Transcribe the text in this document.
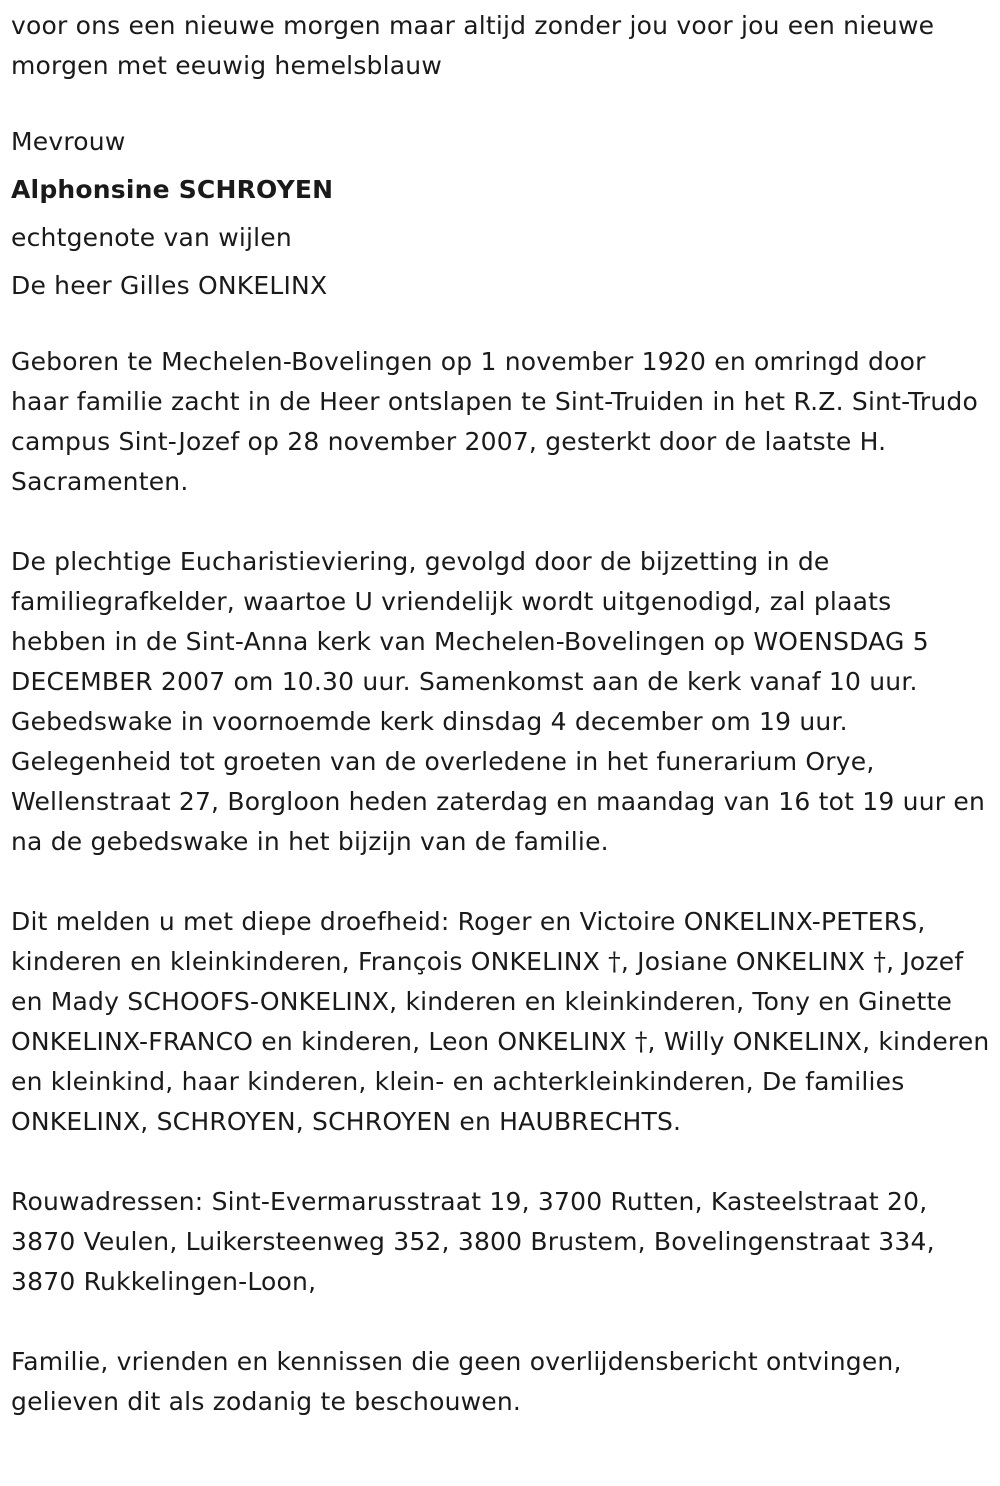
voor ons een nieuwe morgen maar altijd zonder jou voor jou een nieuwe morgen met eeuwig hemelsblauw

Mevrouw

Alphonsine SCHROYEN

echtgenote van wijlen

De heer Gilles ONKELINX

Geboren te Mechelen-Bovelingen op 1 november 1920 en omringd door haar familie zacht in de Heer ontslapen te Sint-Truiden in het R.Z. Sint-Trudo campus Sint-Jozef op 28 november 2007, gesterkt door de laatste H. Sacramenten.

De plechtige Eucharistieviering, gevolgd door de bijzetting in de familiegrafkelder, waartoe U vriendelijk wordt uitgenodigd, zal plaats hebben in de Sint-Anna kerk van Mechelen-Bovelingen op WOENSDAG 5 DECEMBER 2007 om 10.30 uur. Samenkomst aan de kerk vanaf 10 uur. Gebedswake in voornoemde kerk dinsdag 4 december om 19 uur. Gelegenheid tot groeten van de overledene in het funerarium Orye, Wellenstraat 27, Borgloon heden zaterdag en maandag van 16 tot 19 uur en na de gebedswake in het bijzijn van de familie.

Dit melden u met diepe droefheid: Roger en Victoire ONKELINX-PETERS, kinderen en kleinkinderen, François ONKELINX †, Josiane ONKELINX †, Jozef en Mady SCHOOFS-ONKELINX, kinderen en kleinkinderen, Tony en Ginette ONKELINX-FRANCO en kinderen, Leon ONKELINX †, Willy ONKELINX, kinderen en kleinkind, haar kinderen, klein- en achterkleinkinderen, De families ONKELINX, SCHROYEN, SCHROYEN en HAUBRECHTS.

Rouwadressen: Sint-Evermarusstraat 19, 3700 Rutten, Kasteelstraat 20, 3870 Veulen, Luikersteenweg 352, 3800 Brustem, Bovelingenstraat 334, 3870 Rukkelingen-Loon,

Familie, vrienden en kennissen die geen overlijdensbericht ontvingen, gelieven dit als zodanig te beschouwen.
